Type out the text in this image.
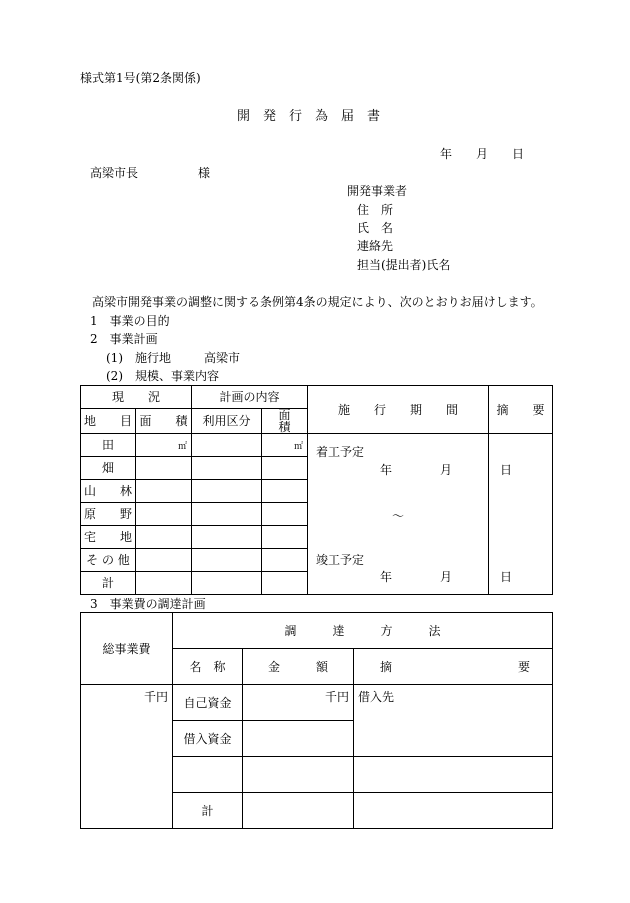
様式第1号(第2条関係)
開　発　行　為　届　書
年　　月　　日
高梁市長　　　　　様
開発事業者
住　所
氏　名
連絡先
担当(提出者)氏名
高梁市開発事業の調整に関する条例第4条の規定により、次のとおりお届けします。
1　事業の目的
2　事業計画
(1)　施行地	高梁市
(2)　規模、事業内容
現　　況		計画の内容		施　　行　　期　　間	摘　　要
地　　目	面　　積	利用区分	面　　積		
田	㎡		㎡	着工予定
年　　　　月　　　　日
～
竣工予定
年　　　　月　　　　日	

畑					
山　　林					
原　　野					
宅　　地					
そ の 他					
計					
3　事業費の調達計画
総事業費	調　　　達　　　方　　　法		
	名　称	金　　　額	摘 要

千円	自己資金	千円	借入先
	借入資金		

	計		
